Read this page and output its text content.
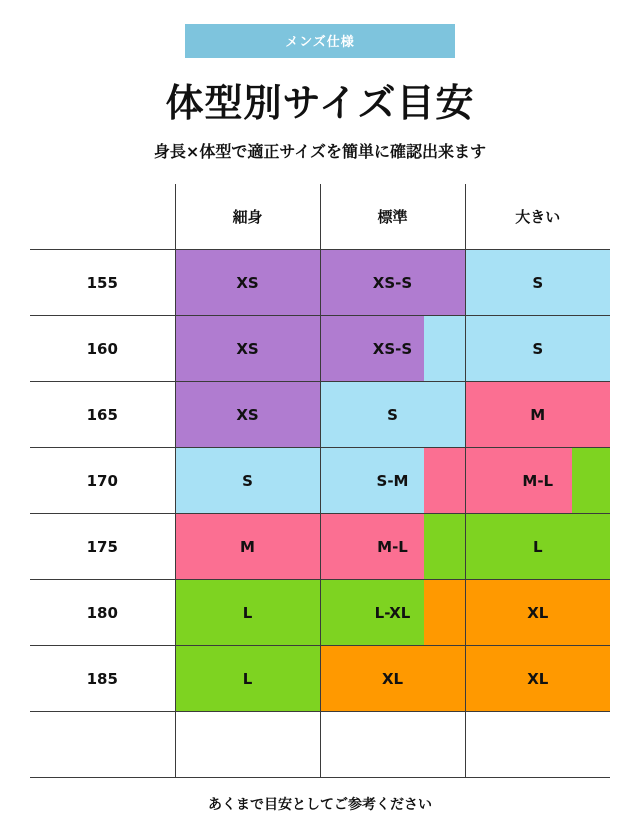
メンズ仕様
体型別サイズ目安
身長×体型で適正サイズを簡単に確認出来ます
	細身	標準	大きい
155	XS	XS-S	S
160	XS	XS-S	S
165	XS	S	M
170	S	S-M	M-L
175	M	M-L	L
180	L	L-XL	XL
185	L	XL	XL

あくまで目安としてご参考ください
